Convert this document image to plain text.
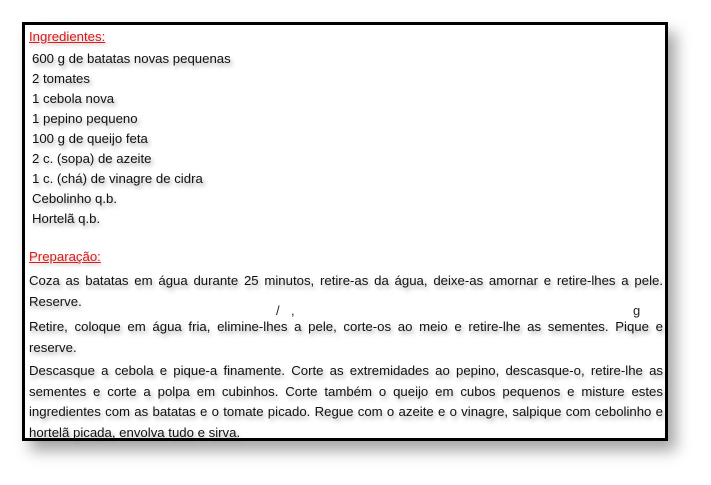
Ingredientes:
600 g de batatas novas pequenas
2 tomates
1 cebola nova
1 pepino pequeno
100 g de queijo feta
2 c. (sopa) de azeite
1 c. (chá) de vinagre de cidra
Cebolinho q.b.
Hortelã q.b.
Preparação:

Coza as batatas em água durante 25 minutos, retire-as da água, deixe-as amornar e retire-lhes a pele. Reserve.

/ ,	g

Retire, coloque em água fria, elimine-lhes a pele, corte-os ao meio e retire-lhe as sementes. Pique e reserve.

Descasque a cebola e pique-a finamente. Corte as extremidades ao pepino, descasque-o, retire-lhe as sementes e corte a polpa em cubinhos. Corte também o queijo em cubos pequenos e misture estes ingredientes com as batatas e o tomate picado. Regue com o azeite e o vinagre, salpique com cebolinho e hortelã picada, envolva tudo e sirva.
